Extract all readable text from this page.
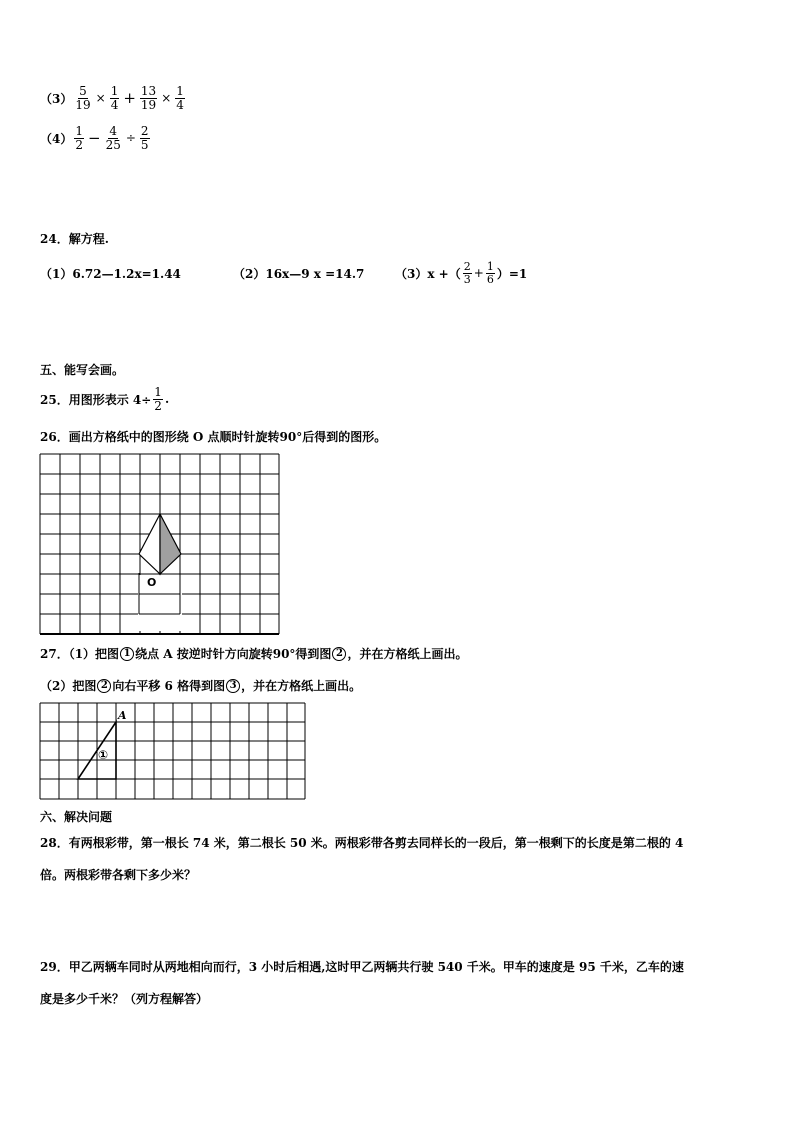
$(3) \frac{5}{19} \times \frac{1}{4} + \frac{13}{19} \times \frac{1}{4}$
$(4) \frac{1}{2} - \frac{4}{25} \div \frac{2}{5}$
24．解方程.
（1）6.72—1.2x=1.44	（2）16x—9 x =14.7	（3）x +（ $\frac{2}{3} + \frac{1}{6} )=1$
五、能写会画。
25．用图形表示 $4\div \frac{1}{2}$ .
26．画出方格纸中的图形绕 O 点顺时针旋转90°后得到的图形。
O
27．（1）把图 1 绕点 A 按逆时针方向旋转90°得到图 2 ，并在方格纸上画出。
（2）把图 2 向右平移 6 格得到图 3 ，并在方格纸上画出。
A
①
六、解决问题
28．有两根彩带，第一根长 74 米，第二根长 50 米。两根彩带各剪去同样长的一段后，第一根剩下的长度是第二根的 4
倍。两根彩带各剩下多少米？
29．甲乙两辆车同时从两地相向而行，3 小时后相遇,这时甲乙两辆共行驶 540 千米。甲车的速度是 95 千米，乙车的速
度是多少千米？（列方程解答）
